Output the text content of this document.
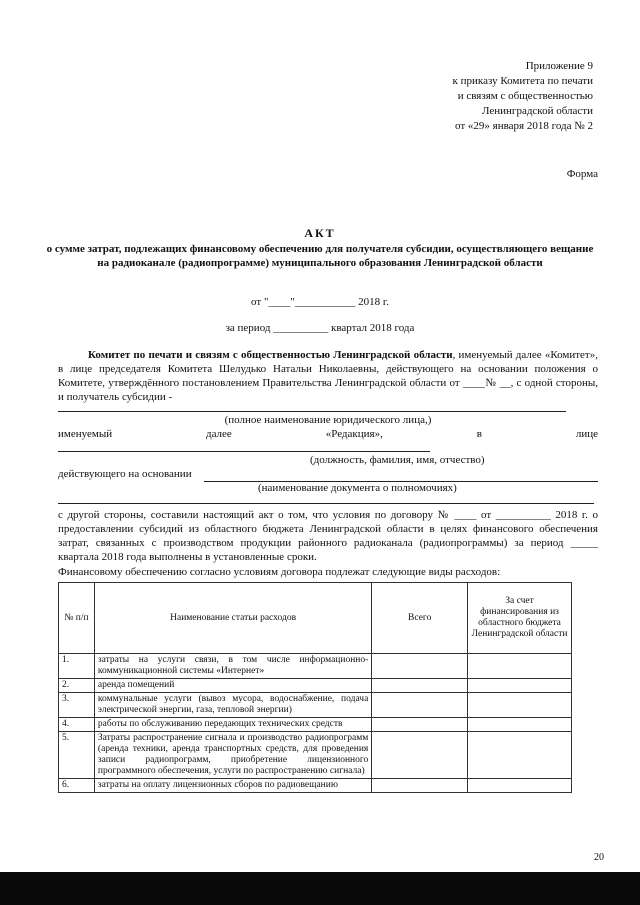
Приложение 9
к приказу Комитета по печати
и связям с общественностью
Ленинградской области
от «29» января 2018 года № 2
Форма
АКТ
о сумме затрат, подлежащих финансовому обеспечению для получателя субсидии, осуществляющего вещание на радиоканале (радиопрограмме) муниципального образования Ленинградской области
от "____"___________ 2018 г.
за период __________ квартал 2018 года
Комитет по печати и связям с общественностью Ленинградской области, именуемый далее «Комитет», в лице председателя Комитета Шелудько Натальи Николаевны, действующего на основании положения о Комитете, утверждённого постановлением Правительства Ленинградской области от ____№ __, с одной стороны, и получатель субсидии -
(полное наименование юридического лица,)
именуемый	далее	«Редакция»,	в	лице
(должность, фамилия, имя, отчество)
действующего на основании
(наименование документа о полномочиях)
с другой стороны, составили настоящий акт о том, что условия по договору № ____ от __________ 2018 г. о предоставлении субсидий из областного бюджета Ленинградской области в целях финансового обеспечения затрат, связанных с производством продукции районного радиоканала (радиопрограммы) за период _____ квартала 2018 года выполнены в установленные сроки.
Финансовому обеспечению согласно условиям договора подлежат следующие виды расходов:
№ п/п	Наименование статьи расходов	Всего	За счет финансирования из областного бюджета Ленинградской области
1.	затраты на услуги связи, в том числе информационно-коммуникационной системы «Интернет»		
2.	аренда помещений		
3.	коммунальные услуги (вывоз мусора, водоснабжение, подача электрической энергии, газа, тепловой энергии)		
4.	работы по обслуживанию передающих технических средств		
5.	Затраты распространение сигнала и производство радиопрограмм (аренда техники, аренда транспортных средств, для проведения записи радиопрограмм, приобретение лицензионного программного обеспечения, услуги по распространению сигнала)		
6.	затраты на оплату лицензионных сборов по радиовещанию		
20
